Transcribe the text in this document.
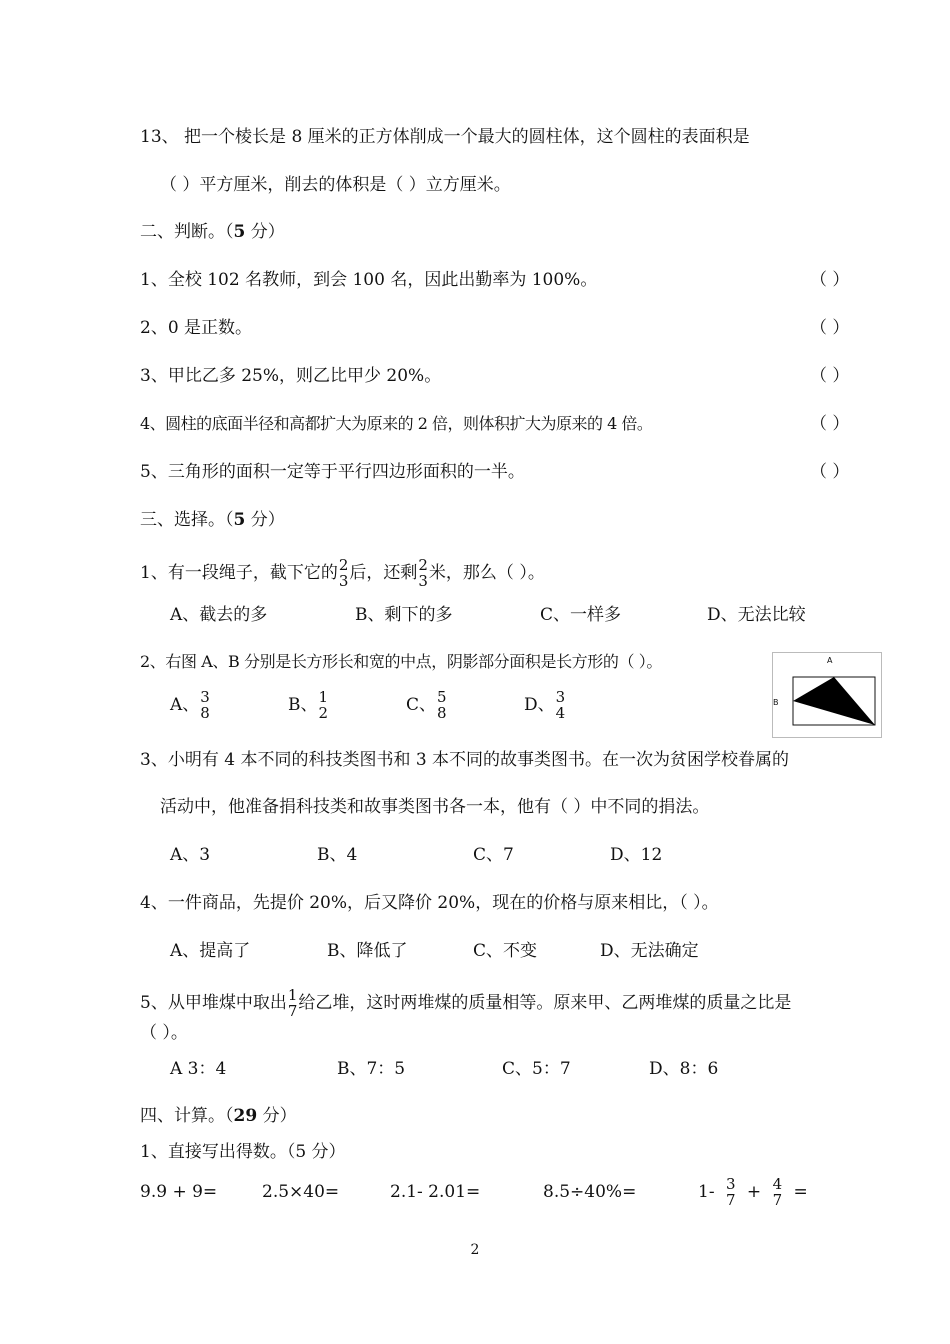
13、 把一个棱长是 8 厘米的正方体削成一个最大的圆柱体，这个圆柱的表面积是
（ ）平方厘米，削去的体积是（ ）立方厘米。
二、判断。（5 分）
1、全校 102 名教师，到会 100 名，因此出勤率为 100%。	（ ）
2、0 是正数。	（ ）
3、甲比乙多 25%，则乙比甲少 20%。	（ ）
4、圆柱的底面半径和高都扩大为原来的 2 倍，则体积扩大为原来的 4 倍。	（ ）
5、三角形的面积一定等于平行四边形面积的一半。	（ ）
三、选择。（5 分）
1、有一段绳子，截下它的 2
3 后，还剩 2
3 米，那么（ ）。
A、截去的多	B、剩下的多	C、一样多	D、无法比较
2、右图 A、B 分别是长方形长和宽的中点，阴影部分面积是长方形的（ ）。
A、 3
8	B、 1
2	C、 5
8	D、 3
4
A
B
3、小明有 4 本不同的科技类图书和 3 本不同的故事类图书。在一次为贫困学校眷属的
活动中，他准备捐科技类和故事类图书各一本，他有（ ）中不同的捐法。
A、3	B、4	C、7	D、12
4、一件商品，先提价 20%，后又降价 20%，现在的价格与原来相比，（ ）。
A、提高了	B、降低了	C、不变	D、无法确定
5、从甲堆煤中取出 1
7 给乙堆，这时两堆煤的质量相等。原来甲、乙两堆煤的质量之比是
（ ）。
A 3：4	B、7：5	C、5：7	D、8：6
四、计算。（29 分）
1、直接写出得数。（5 分）
9.9 + 9=	2.5×40=	2.1- 2.01=	8.5÷40%=	1- 3
7 + 4
7 =
2
